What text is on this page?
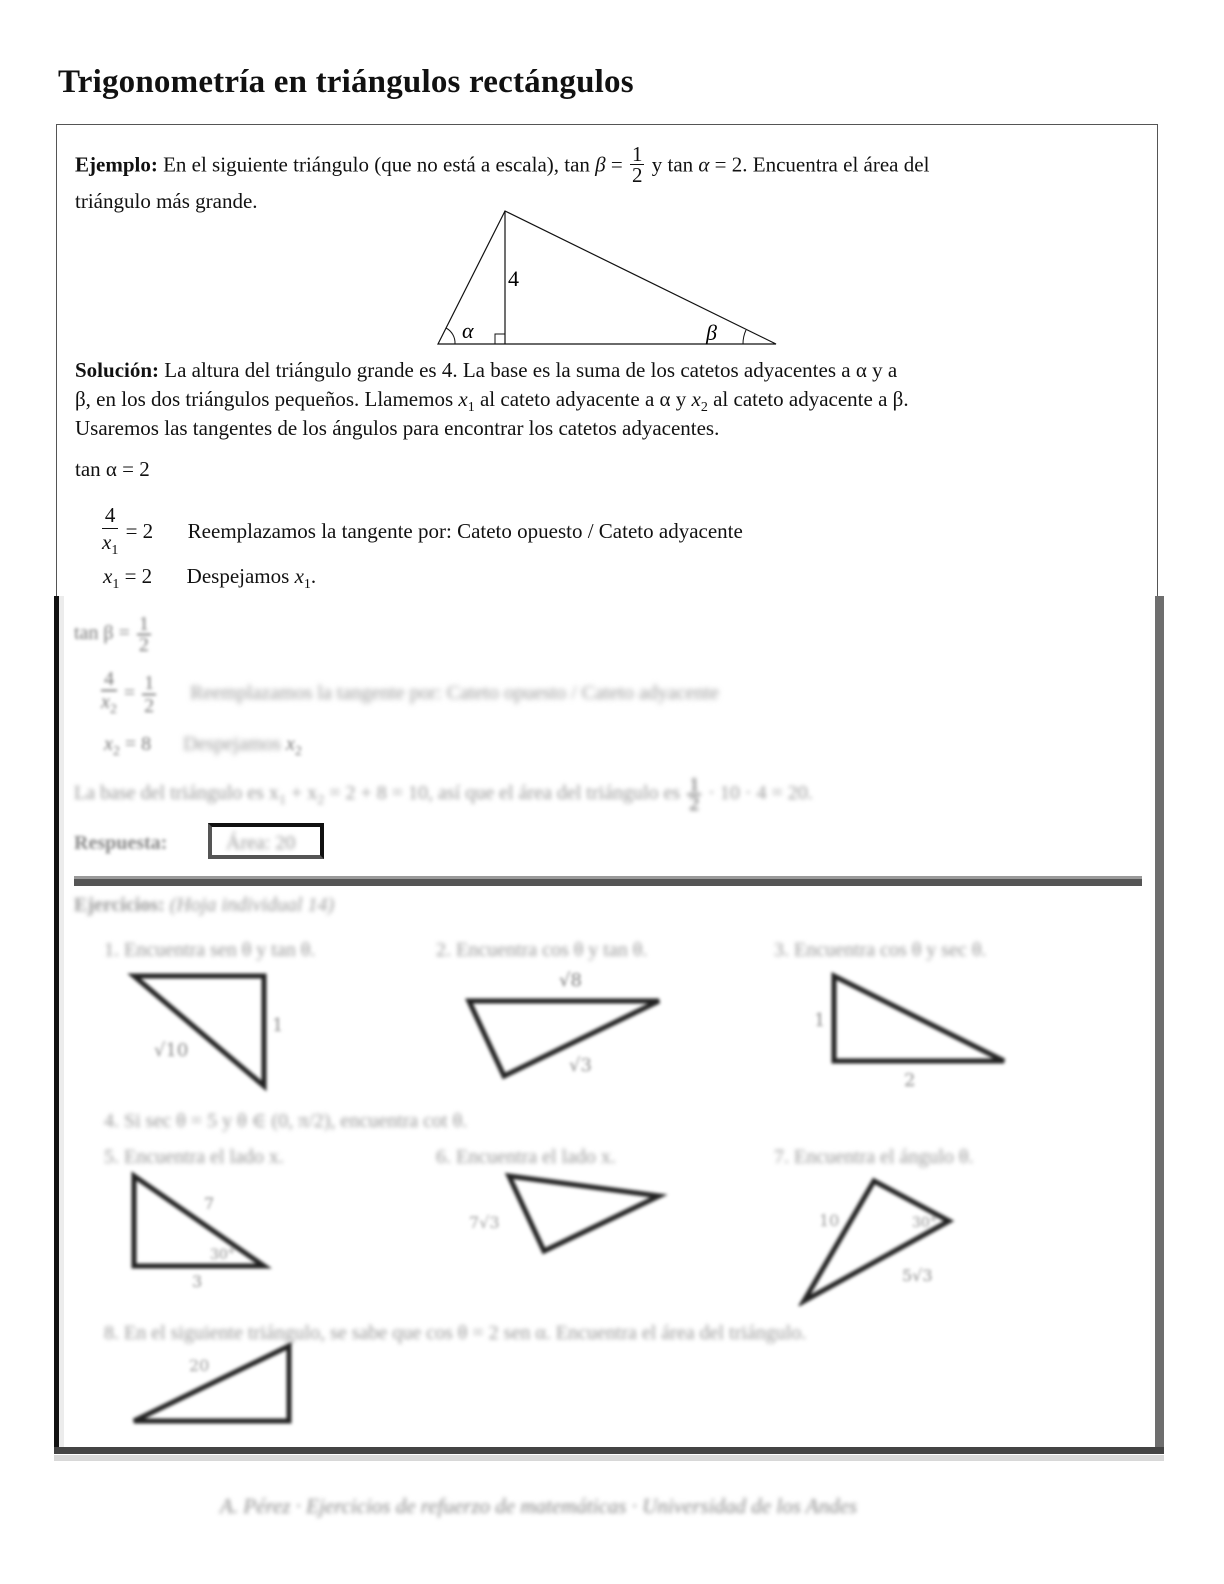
Trigonometría en triángulos rectángulos
Ejemplo: En el siguiente triángulo (que no está a escala), $\tan \beta = \frac{1}{2}$ y tan α = 2. Encuentra el área del
triángulo más grande.
4
α	β
Solución: La altura del triángulo grande es 4. La base es la suma de los catetos adyacentes a α y a
β, en los dos triángulos pequeños. Llamemos $x_1$ al cateto adyacente a α y $x_2$ al cateto adyacente a β.
Usaremos las tangentes de los ángulos para encontrar los catetos adyacentes.
tan α = 2
$\frac{4}{x_1} = 2$ Reemplazamos la tangente por: Cateto opuesto / Cateto adyacente
$x_1 = 2$ Despejamos $x_1$.
$\tan \beta = \frac{1}{2}$
$\frac{4}{x_2} = \frac{1}{2}$ Reemplazamos la tangente por: Cateto opuesto / Cateto adyacente
$x_2 = 8$ Despejamos $x_2$
La base del triángulo es $x_1 + x_2 = 2 + 8 = 10$, así que el área del triángulo es $\frac{1}{2} \cdot 10 \cdot 4 = 20$.
Respuesta:	Área: 20
Ejercicios: (Hoja individual 14)
1. Encuentra sen θ y tan θ.	2. Encuentra cos θ y tan θ.	3. Encuentra cos θ y sec θ.
1
√10
√8
√3
1
2
4. Si sec θ = 5 y θ ∈ (0, π/2), encuentra cot θ.
5. Encuentra el lado x.	6. Encuentra el lado x.	7. Encuentra el ángulo θ.
7
30°
3
7√3	10	30°
5√3
8. En el siguiente triángulo, se sabe que cos θ = 2 sen α. Encuentra el área del triángulo.
20
A. Pérez · Ejercicios de refuerzo de matemáticas · Universidad de los Andes
